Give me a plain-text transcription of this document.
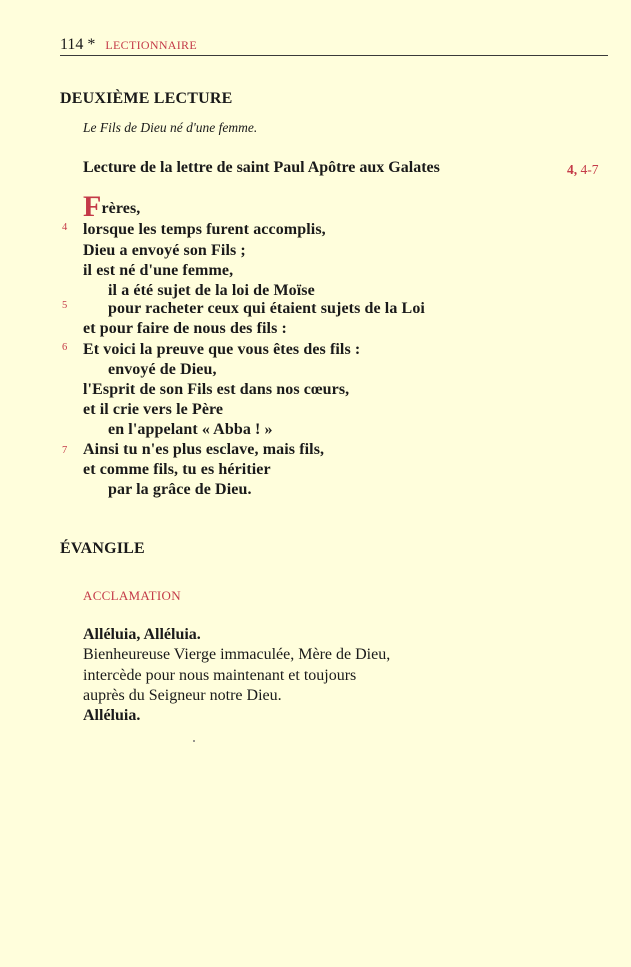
114 * LECTIONNAIRE
DEUXIÈME LECTURE
Le Fils de Dieu né d'une femme.
Lecture de la lettre de saint Paul Apôtre aux Galates	4, 4-7
Frères,
4
5
6
7
lorsque les temps furent accomplis,
Dieu a envoyé son Fils ;
il est né d'une femme,
il a été sujet de la loi de Moïse
pour racheter ceux qui étaient sujets de la Loi
et pour faire de nous des fils :
Et voici la preuve que vous êtes des fils :
envoyé de Dieu,
l'Esprit de son Fils est dans nos cœurs,
et il crie vers le Père
en l'appelant « Abba ! »
Ainsi tu n'es plus esclave, mais fils,
et comme fils, tu es héritier
par la grâce de Dieu.
ÉVANGILE
ACCLAMATION
Alléluia, Alléluia.
Bienheureuse Vierge immaculée, Mère de Dieu,
intercède pour nous maintenant et toujours
auprès du Seigneur notre Dieu.
Alléluia.
